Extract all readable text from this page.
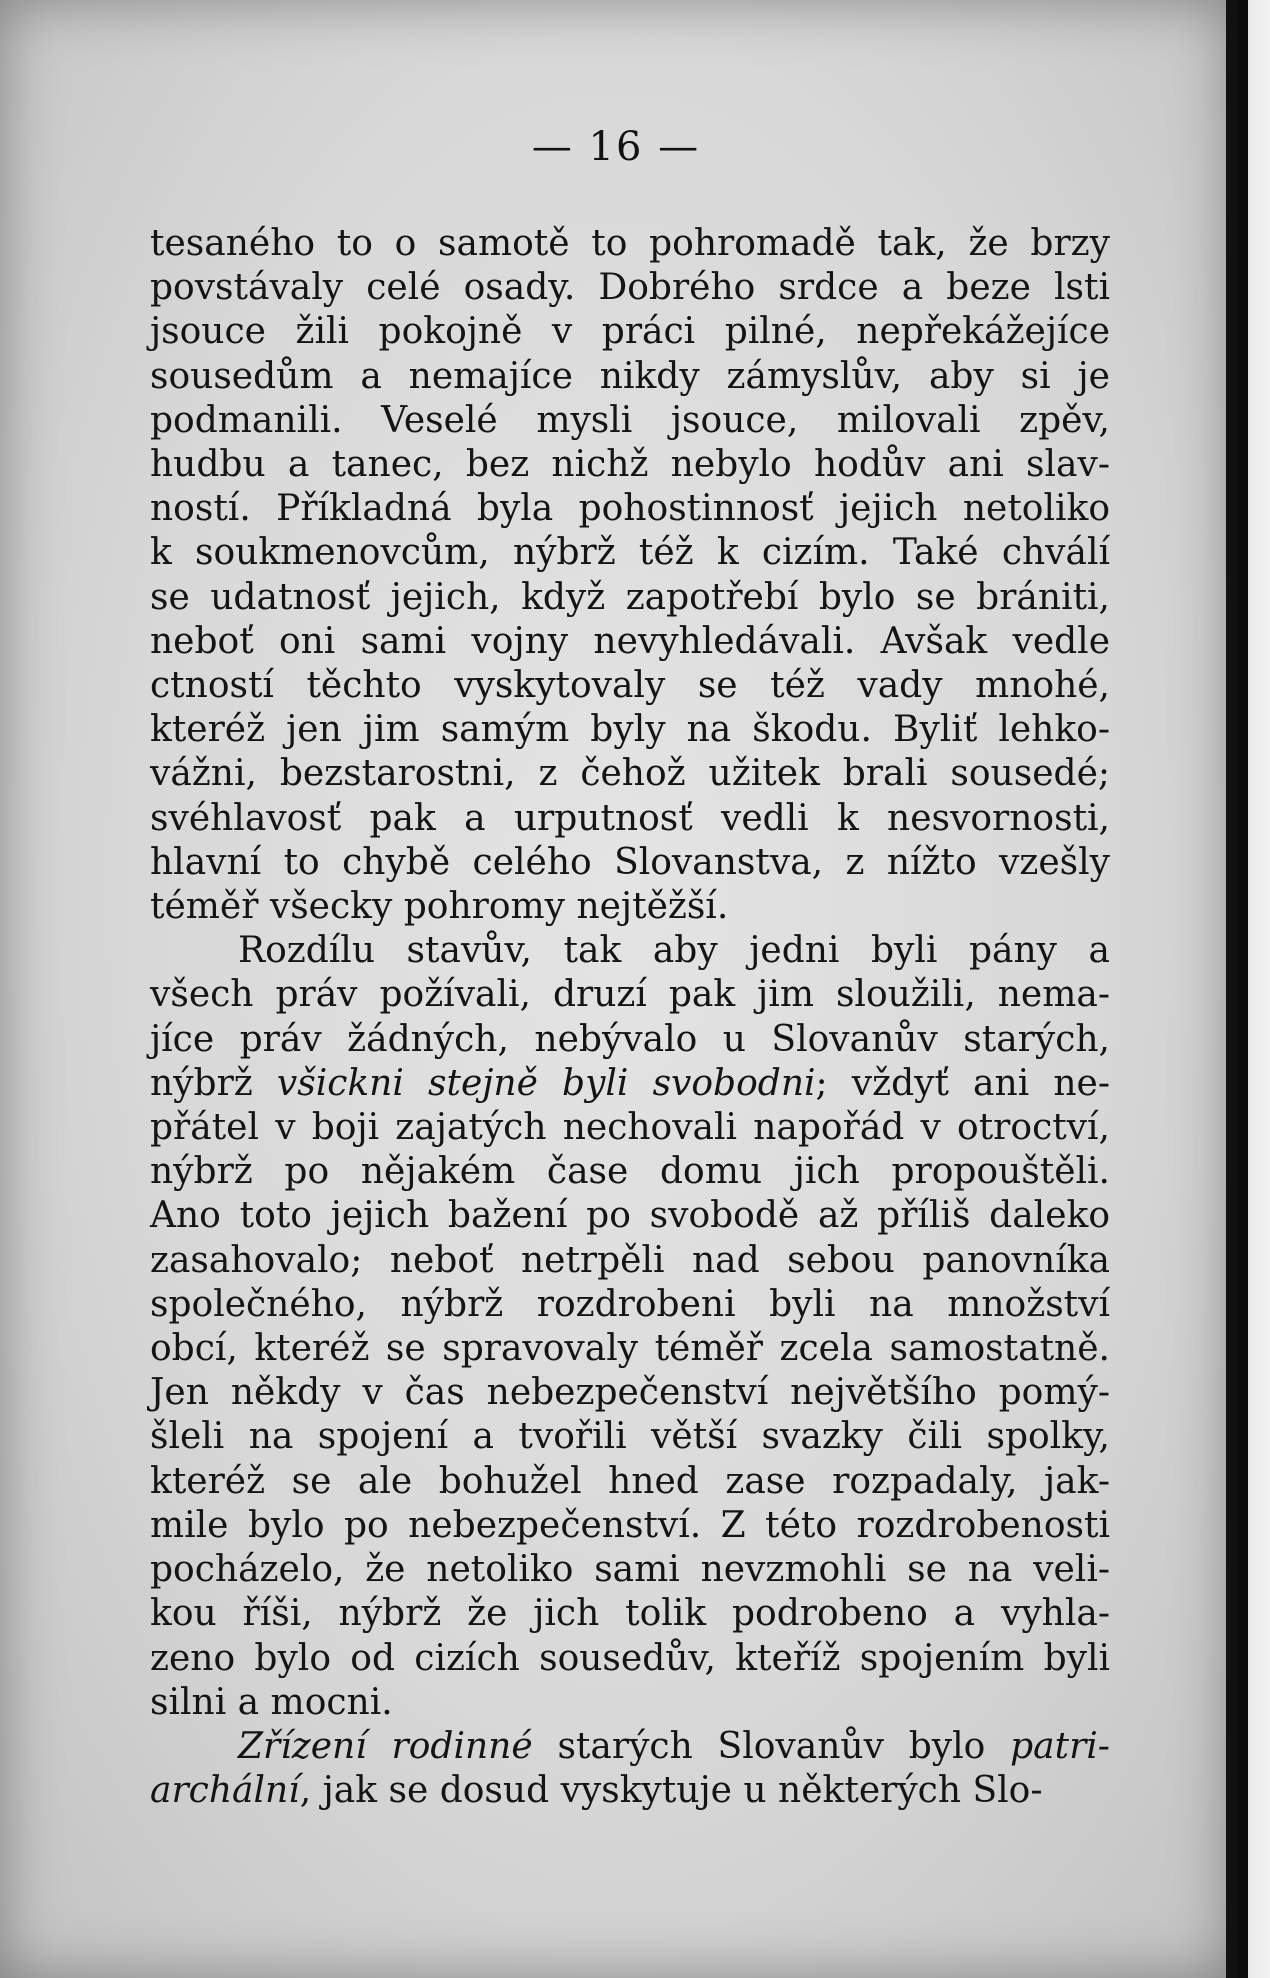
— 16 —

tesaného to o samotě to pohromadě tak, že brzy
povstávaly celé osady. Dobrého srdce a beze lsti
jsouce žili pokojně v práci pilné, nepřekážejíce
sousedům a nemajíce nikdy zámyslův, aby si je
podmanili. Veselé mysli jsouce, milovali zpěv,
hudbu a tanec, bez nichž nebylo hodův ani slav-
ností. Příkladná byla pohostinnosť jejich netoliko
k soukmenovcům, nýbrž též k cizím. Také chválí
se udatnosť jejich, když zapotřebí bylo se brániti,
neboť oni sami vojny nevyhledávali. Avšak vedle
ctností těchto vyskytovaly se též vady mnohé,
kteréž jen jim samým byly na škodu. Byliť lehko-
vážni, bezstarostni, z čehož užitek brali sousedé;
svéhlavosť pak a urputnosť vedli k nesvornosti,
hlavní to chybě celého Slovanstva, z nížto vzešly
téměř všecky pohromy nejtěžší.

Rozdílu stavův, tak aby jedni byli pány a
všech práv požívali, druzí pak jim sloužili, nema-
jíce práv žádných, nebývalo u Slovanův starých,
nýbrž všickni stejně byli svobodni; vždyť ani ne-
přátel v boji zajatých nechovali napořád v otroctví,
nýbrž po nějakém čase domu jich propouštěli.
Ano toto jejich bažení po svobodě až příliš daleko
zasahovalo; neboť netrpěli nad sebou panovníka
společného, nýbrž rozdrobeni byli na množství
obcí, kteréž se spravovaly téměř zcela samostatně.
Jen někdy v čas nebezpečenství největšího pomý-
šleli na spojení a tvořili větší svazky čili spolky,
kteréž se ale bohužel hned zase rozpadaly, jak-
mile bylo po nebezpečenství. Z této rozdrobenosti
pocházelo, že netoliko sami nevzmohli se na veli-
kou říši, nýbrž že jich tolik podrobeno a vyhla-
zeno bylo od cizích sousedův, kteříž spojením byli
silni a mocni.

Zřízení rodinné starých Slovanův bylo patri-
archální, jak se dosud vyskytuje u některých Slo-
